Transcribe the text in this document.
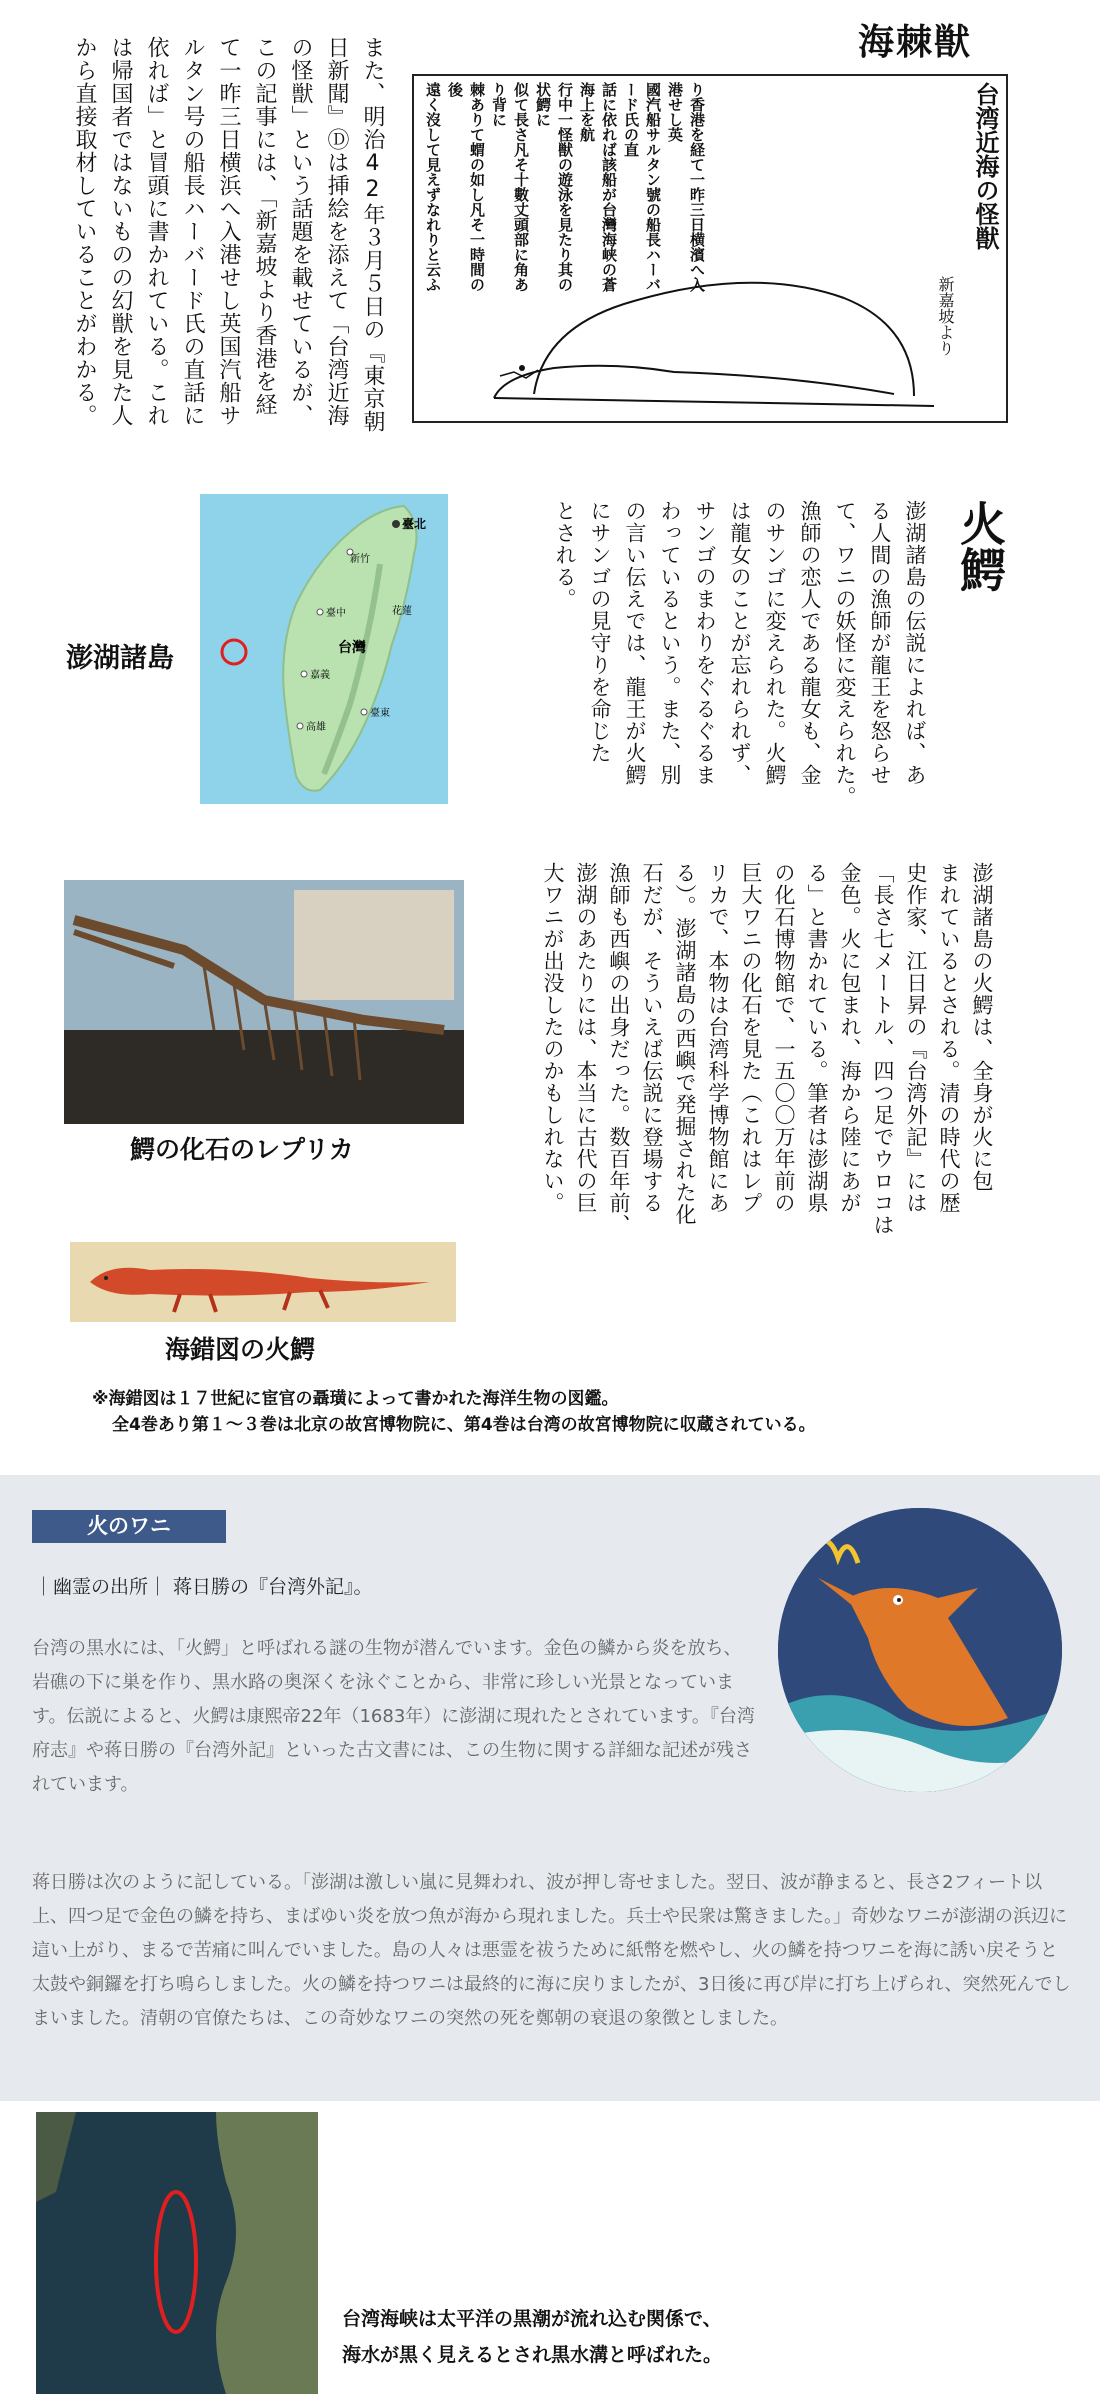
海棘獣
り香港を経て一昨三日横濱へ入港せし英
國汽船サルタン號の船長ハーバード氏の直
話に依れば該船が台灣海峡の蒼海上を航
行中一怪獣の遊泳を見たり其の状鰐に
似て長さ凡そ十數丈頭部に角あり背に
棘ありて蝟の如し凡そ一時間の後
遠く沒して見えずなれりと云ふ	台湾近海の怪獣
新嘉坡より
また、明治42年３月５日の『東京朝
日新聞』Ⓓは挿絵を添えて「台湾近海
の怪獣」という話題を載せているが、
この記事には、「新嘉坡より香港を経
て一昨三日横浜へ入港せし英国汽船サ
ルタン号の船長ハーバード氏の直話に
依れば」と冒頭に書かれている。これ
は帰国者ではないものの幻獣を見た人
から直接取材していることがわかる。
臺北
新竹
臺中
台灣
花蓮
嘉義
高雄
臺東
澎湖諸島
火鰐
澎湖諸島の伝説によれば、あ
る人間の漁師が龍王を怒らせ
て、ワニの妖怪に変えられた。
漁師の恋人である龍女も、金
のサンゴに変えられた。火鰐
は龍女のことが忘れられず、
サンゴのまわりをぐるぐるま
わっているという。また、別
の言い伝えでは、龍王が火鰐
にサンゴの見守りを命じた
とされる。
澎湖諸島の火鰐は、全身が火に包
まれているとされる。清の時代の歴
史作家、江日昇の『台湾外記』には
「長さ七メートル、四つ足でウロコは
金色。火に包まれ、海から陸にあが
る」と書かれている。筆者は澎湖県
の化石博物館で、一五〇〇万年前の
巨大ワニの化石を見た（これはレプ
リカで、本物は台湾科学博物館にあ
る）。澎湖諸島の西嶼で発掘された化
石だが、そういえば伝説に登場する
漁師も西嶼の出身だった。数百年前、
澎湖のあたりには、本当に古代の巨
大ワニが出没したのかもしれない。
鰐の化石のレプリカ
海錯図の火鰐
※海錯図は１７世紀に宦官の聶璜によって書かれた海洋生物の図鑑。
全4巻あり第１～３巻は北京の故宮博物院に、第4巻は台湾の故宮博物院に収蔵されている。
火のワニ
｜幽霊の出所｜ 蒋日勝の『台湾外記』。
台湾の黒水には、「火鰐」と呼ばれる謎の生物が潜んでいます。金色の鱗から炎を放ち、岩礁の下に巣を作り、黒水路の奥深くを泳ぐことから、非常に珍しい光景となっています。伝説によると、火鰐は康熙帝22年（1683年）に澎湖に現れたとされています。『台湾府志』や蒋日勝の『台湾外記』といった古文書には、この生物に関する詳細な記述が残されています。
蒋日勝は次のように記している。「澎湖は激しい嵐に見舞われ、波が押し寄せました。翌日、波が静まると、長さ2フィート以上、四つ足で金色の鱗を持ち、まばゆい炎を放つ魚が海から現れました。兵士や民衆は驚きました。」奇妙なワニが澎湖の浜辺に這い上がり、まるで苦痛に叫んでいました。島の人々は悪霊を祓うために紙幣を燃やし、火の鱗を持つワニを海に誘い戻そうと太鼓や銅鑼を打ち鳴らしました。火の鱗を持つワニは最終的に海に戻りましたが、3日後に再び岸に打ち上げられ、突然死んでしまいました。清朝の官僚たちは、この奇妙なワニの突然の死を鄭朝の衰退の象徴としました。
台湾海峡は太平洋の黒潮が流れ込む関係で、
海水が黒く見えるとされ黒水溝と呼ばれた。
